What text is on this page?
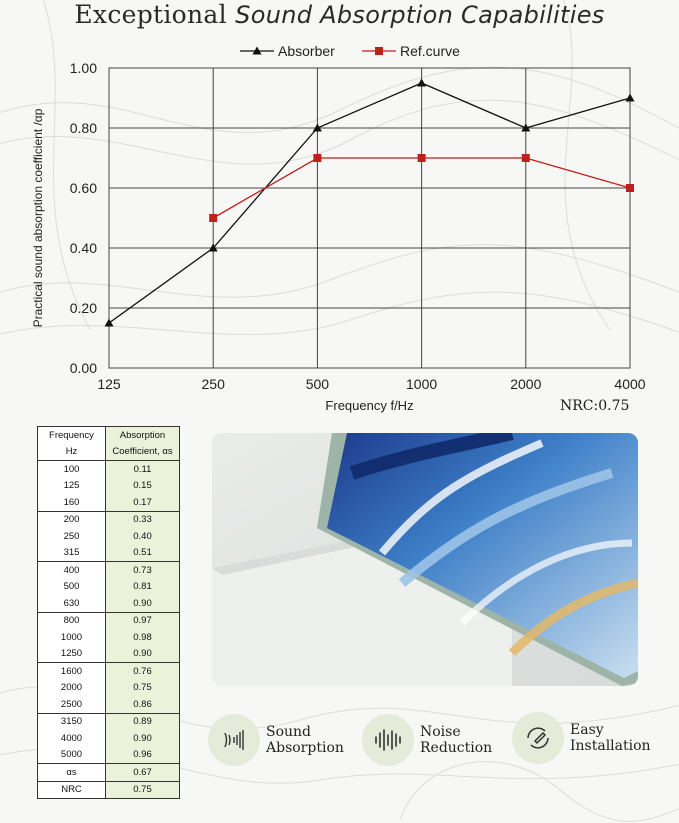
Exceptional Sound Absorption Capabilities
0.00
0.20
0.40
0.60
0.80
1.00
125	250	500	1000	2000	4000
Frequency f/Hz
Practical sound absorption coefficient /αp
Absorber	Ref.curve
NRC:0.75
Frequency	Absorption
Hz	Coefficient, αs
100	0.11
125	0.15
160	0.17
200	0.33
250	0.40
315	0.51
400	0.73
500	0.81
630	0.90
800	0.97
1000	0.98
1250	0.90
1600	0.76
2000	0.75
2500	0.86
3150	0.89
4000	0.90
5000	0.96
αs	0.67
NRC	0.75
Sound
Absorption
Noise
Reduction
Easy
Installation
